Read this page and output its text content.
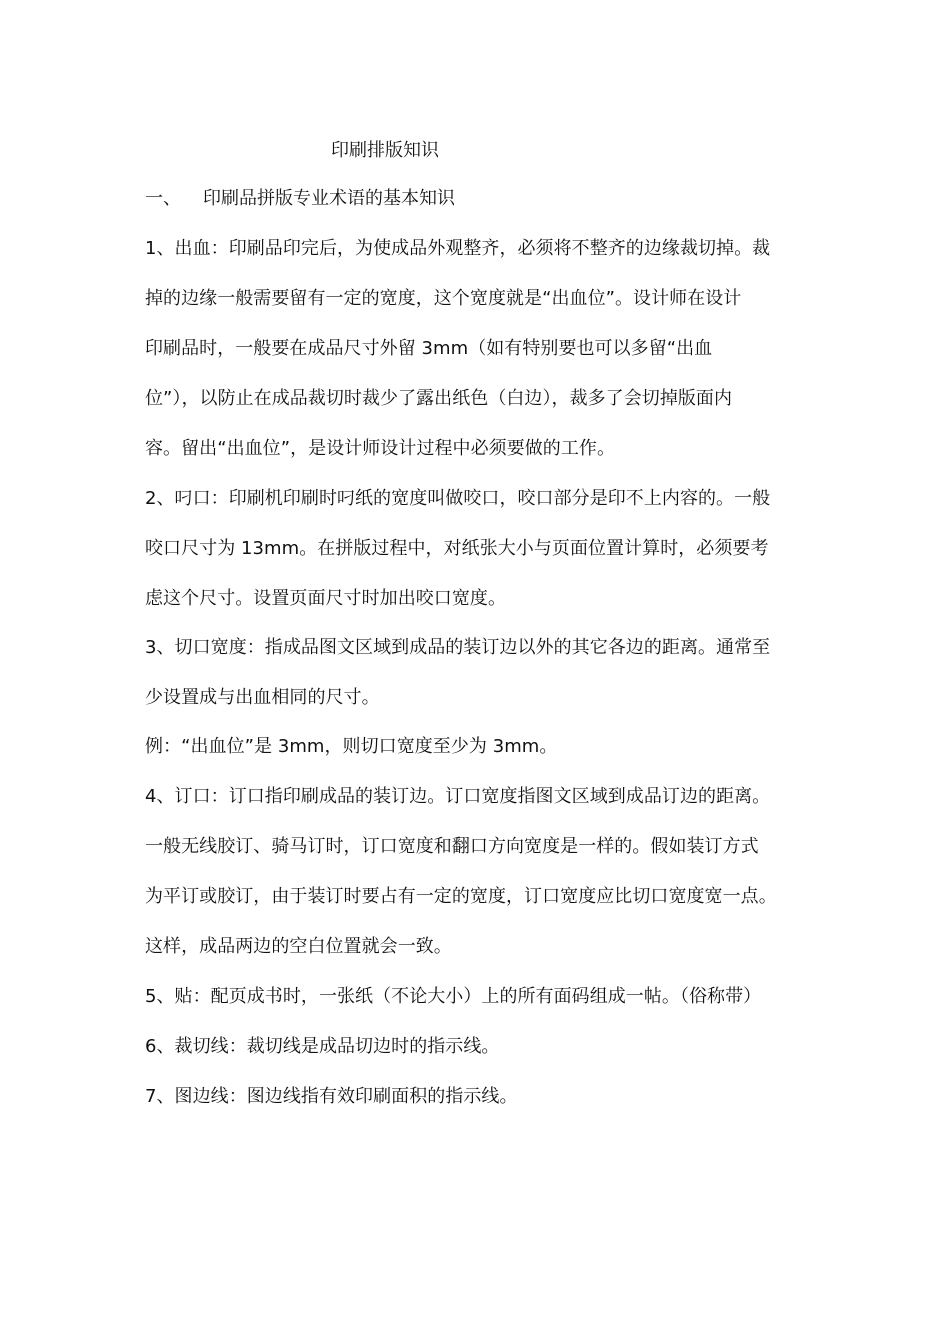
印刷排版知识
一、 印刷品拼版专业术语的基本知识
1、出血：印刷品印完后，为使成品外观整齐，必须将不整齐的边缘裁切掉。裁
掉的边缘一般需要留有一定的宽度，这个宽度就是“出血位”。设计师在设计
印刷品时，一般要在成品尺寸外留 3mm（如有特别要也可以多留“出血
位”），以防止在成品裁切时裁少了露出纸色（白边），裁多了会切掉版面内
容。留出“出血位”，是设计师设计过程中必须要做的工作。
2、叼口：印刷机印刷时叼纸的宽度叫做咬口，咬口部分是印不上内容的。一般
咬口尺寸为 13mm。在拼版过程中，对纸张大小与页面位置计算时，必须要考
虑这个尺寸。设置页面尺寸时加出咬口宽度。
3、切口宽度：指成品图文区域到成品的装订边以外的其它各边的距离。通常至
少设置成与出血相同的尺寸。
例：“出血位”是 3mm，则切口宽度至少为 3mm。
4、订口：订口指印刷成品的装订边。订口宽度指图文区域到成品订边的距离。
一般无线胶订、骑马订时，订口宽度和翻口方向宽度是一样的。假如装订方式
为平订或胶订，由于装订时要占有一定的宽度，订口宽度应比切口宽度宽一点。
这样，成品两边的空白位置就会一致。
5、贴：配页成书时，一张纸（不论大小）上的所有面码组成一帖。（俗称带）
6、裁切线：裁切线是成品切边时的指示线。
7、图边线：图边线指有效印刷面积的指示线。
